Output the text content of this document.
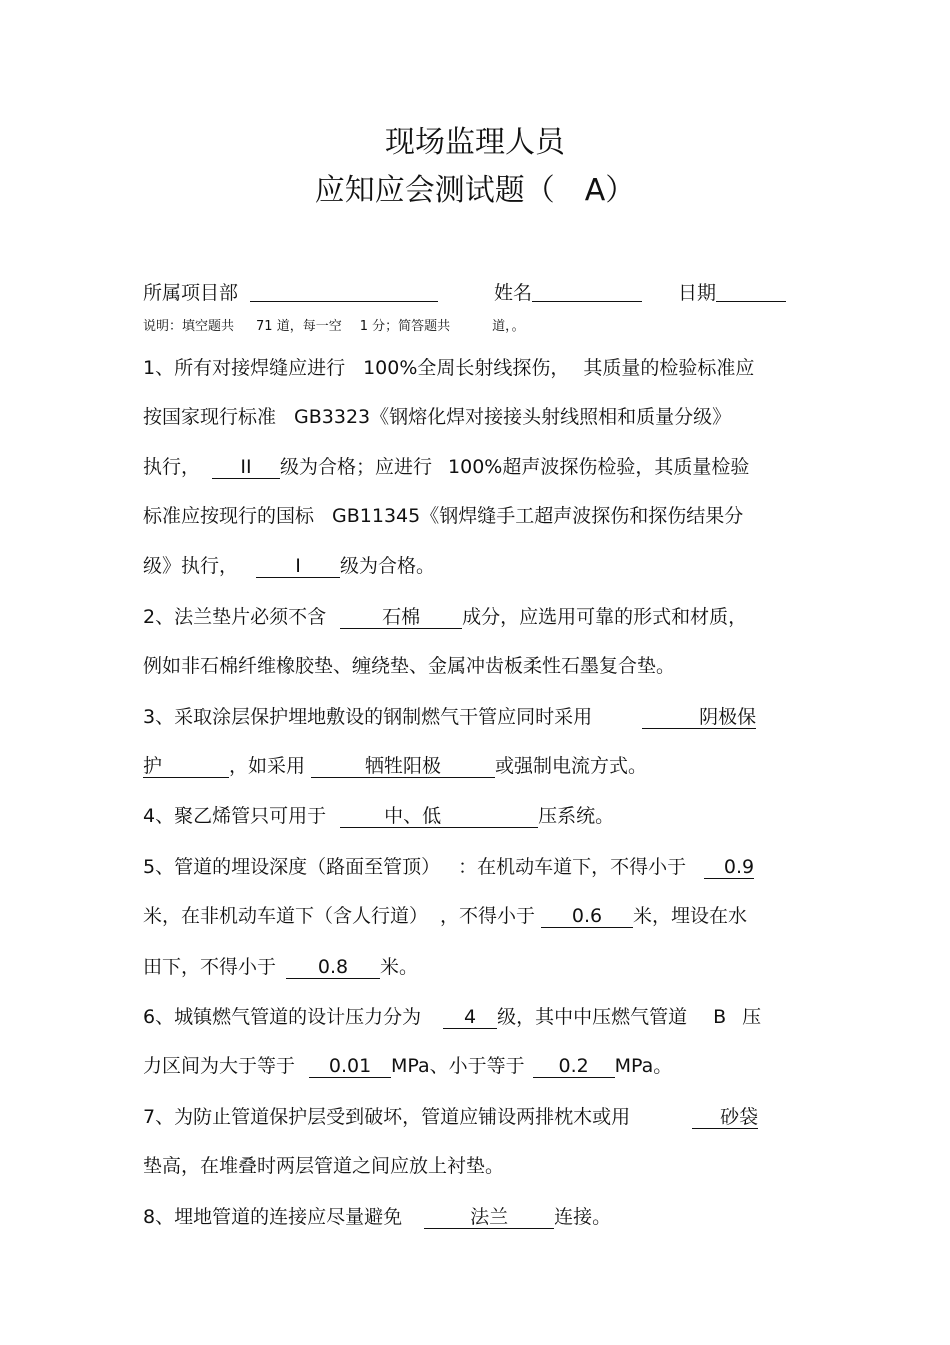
现场监理人员
应知应会测试题（ A）
所属项目部	姓名	日期
说明：填空题共 71 道，每一空 1 分；简答题共	道，。
1、所有对接焊缝应进行 100%全周长射线探伤， 其质量的检验标准应
按国家现行标准 GB3323《钢熔化焊对接接头射线照相和质量分级》
执行， II 级为合格；应进行 100%超声波探伤检验，其质量检验
标准应按现行的国标 GB11345《钢焊缝手工超声波探伤和探伤结果分
级》执行，	I 级为合格。
2、法兰垫片必须不含	石棉 成分，应选用可靠的形式和材质，
例如非石棉纤维橡胶垫、缠绕垫、金属冲齿板柔性石墨复合垫。
3、采取涂层保护埋地敷设的钢制燃气干管应同时采用	阴极保
护	，如采用	牺牲阳极	或强制电流方式。
4、聚乙烯管只可用于	中、低	压系统。
5、管道的埋设深度（路面至管顶） ：在机动车道下，不得小于 0.9
米，在非机动车道下（含人行道） ，不得小于 0.6 米，埋设在水
田下，不得小于 0.8 米。
6、城镇燃气管道的设计压力分为 4 级，其中中压燃气管道 B 压
力区间为大于等于 0.01 MPa、小于等于 0.2 MPa。
7、为防止管道保护层受到破坏，管道应铺设两排枕木或用	砂袋
垫高，在堆叠时两层管道之间应放上衬垫。
8、埋地管道的连接应尽量避免	法兰 连接。
